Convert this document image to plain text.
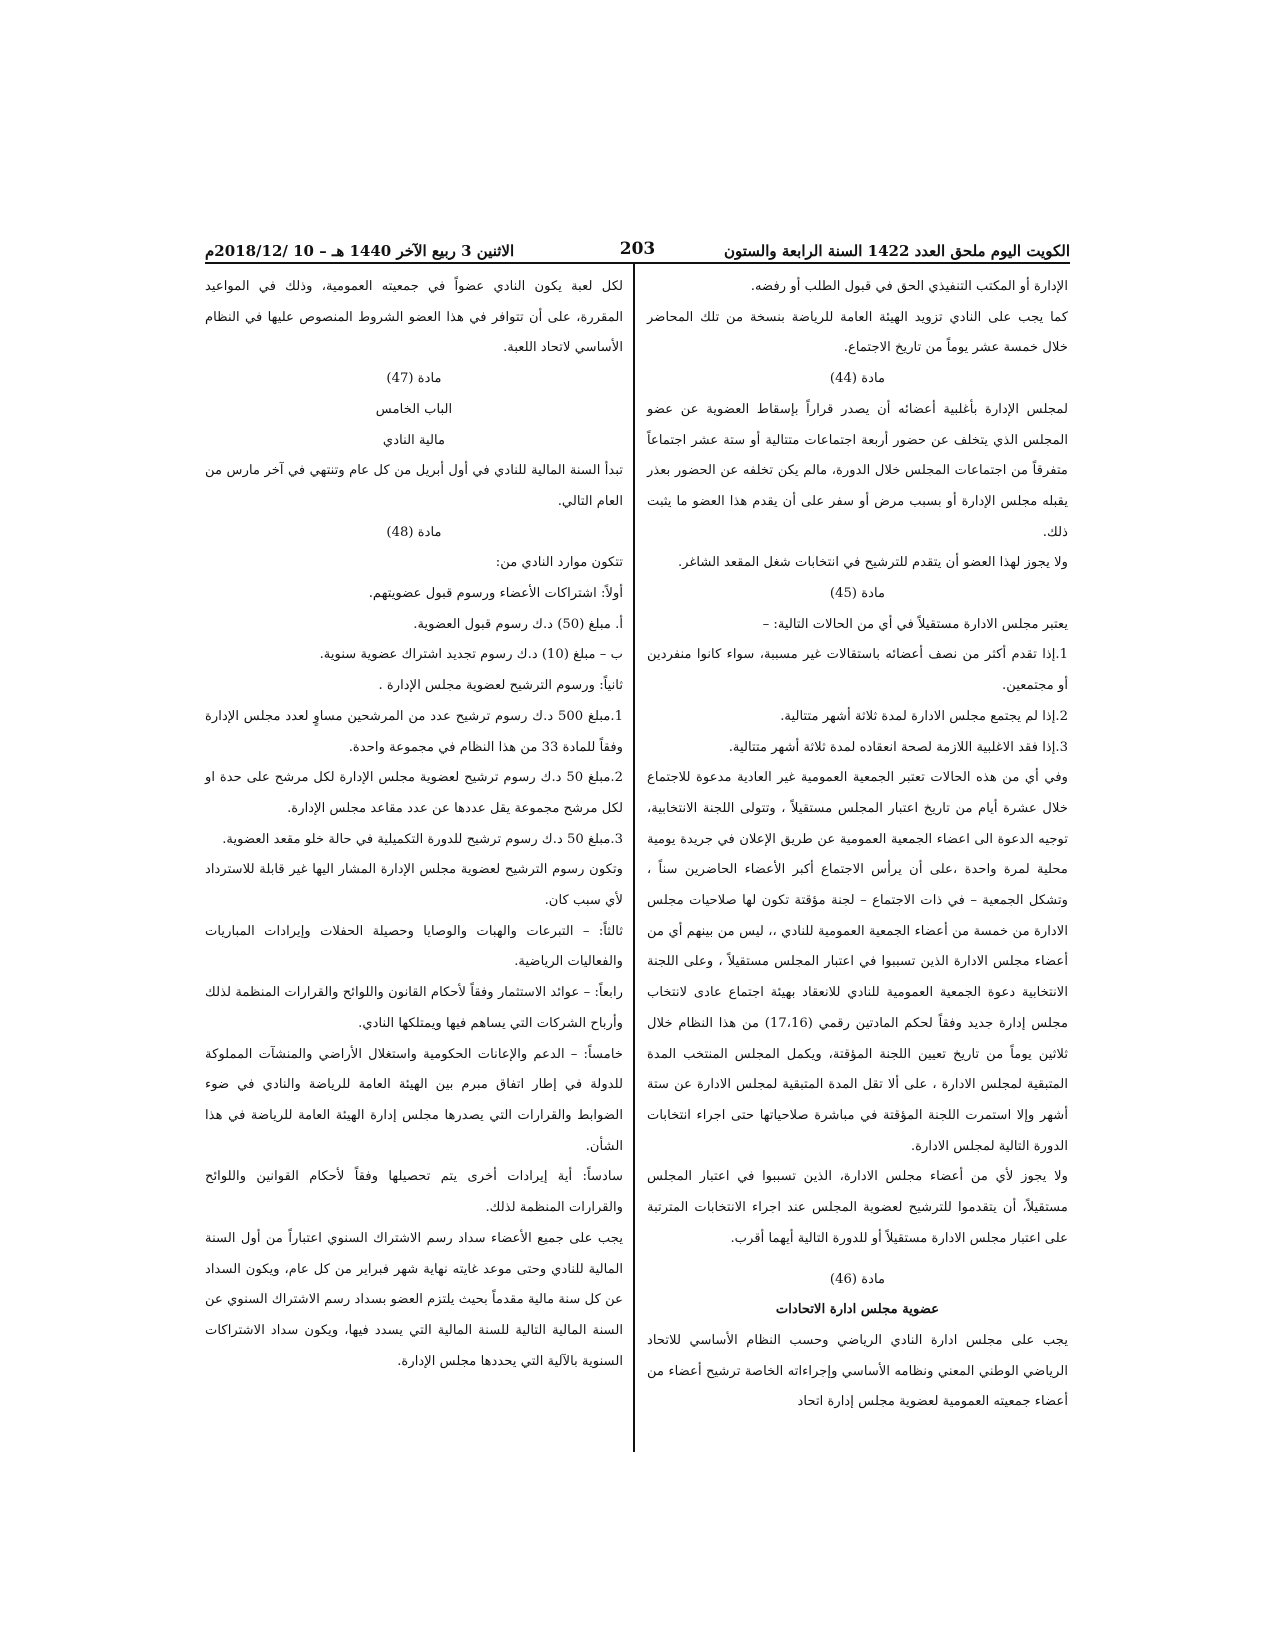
الكويت اليوم ملحق العدد 1422 السنة الرابعة والستون
203
الاثنين 3 ربيع الآخر 1440 هـ – 10 /2018/12م

الإدارة أو المكتب التنفيذي الحق في قبول الطلب أو رفضه.

كما يجب على النادي تزويد الهيئة العامة للرياضة بنسخة من تلك المحاضر خلال خمسة عشر يوماً من تاريخ الاجتماع.

مادة (44)

لمجلس الإدارة بأغلبية أعضائه أن يصدر قراراً بإسقاط العضوية عن عضو المجلس الذي يتخلف عن حضور أربعة اجتماعات متتالية أو ستة عشر اجتماعاً متفرقاً من اجتماعات المجلس خلال الدورة، مالم يكن تخلفه عن الحضور بعذر يقبله مجلس الإدارة أو بسبب مرض أو سفر على أن يقدم هذا العضو ما يثبت ذلك.

ولا يجوز لهذا العضو أن يتقدم للترشيح في انتخابات شغل المقعد الشاغر.

مادة (45)

يعتبر مجلس الادارة مستقيلاً في أي من الحالات التالية: –

1.إذا تقدم أكثر من نصف أعضائه باستقالات غير مسببة، سواء كانوا منفردين أو مجتمعين.

2.إذا لم يجتمع مجلس الادارة لمدة ثلاثة أشهر متتالية.

3.إذا فقد الاغلبية اللازمة لصحة انعقاده لمدة ثلاثة أشهر متتالية.

وفي أي من هذه الحالات تعتبر الجمعية العمومية غير العادية مدعوة للاجتماع خلال عشرة أيام من تاريخ اعتبار المجلس مستقيلاً ، وتتولى اللجنة الانتخابية، توجيه الدعوة الى اعضاء الجمعية العمومية عن طريق الإعلان في جريدة يومية محلية لمرة واحدة ،على أن يرأس الاجتماع أكبر الأعضاء الحاضرين سناً ، وتشكل الجمعية – في ذات الاجتماع – لجنة مؤقتة تكون لها صلاحيات مجلس الادارة من خمسة من أعضاء الجمعية العمومية للنادي ،، ليس من بينهم أي من أعضاء مجلس الادارة الذين تسببوا في اعتبار المجلس مستقيلاً ، وعلى اللجنة الانتخابية دعوة الجمعية العمومية للنادي للانعقاد بهيئة اجتماع عادى لانتخاب مجلس إدارة جديد وفقاً لحكم المادتين رقمي (17،16) من هذا النظام خلال ثلاثين يوماً من تاريخ تعيين اللجنة المؤقتة، ويكمل المجلس المنتخب المدة المتبقية لمجلس الادارة ، على ألا تقل المدة المتبقية لمجلس الادارة عن ستة أشهر وإلا استمرت اللجنة المؤقتة في مباشرة صلاحياتها حتى اجراء انتخابات الدورة التالية لمجلس الادارة.

ولا يجوز لأي من أعضاء مجلس الادارة، الذين تسببوا في اعتبار المجلس مستقيلاً، أن يتقدموا للترشيح لعضوية المجلس عند اجراء الانتخابات المترتبة على اعتبار مجلس الادارة مستقيلاً أو للدورة التالية أيهما أقرب.

مادة (46)

عضوية مجلس ادارة الاتحادات

يجب على مجلس ادارة النادي الرياضي وحسب النظام الأساسي للاتحاد الرياضي الوطني المعني ونظامه الأساسي وإجراءاته الخاصة ترشيح أعضاء من أعضاء جمعيته العمومية لعضوية مجلس إدارة اتحاد

لكل لعبة يكون النادي عضواً في جمعيته العمومية، وذلك في المواعيد المقررة، على أن تتوافر في هذا العضو الشروط المنصوص عليها في النظام الأساسي لاتحاد اللعبة.

مادة (47)

الباب الخامس

مالية النادي

تبدأ السنة المالية للنادي في أول أبريل من كل عام وتنتهي في آخر مارس من العام التالي.

مادة (48)

تتكون موارد النادي من:

أولاً: اشتراكات الأعضاء ورسوم قبول عضويتهم.

أ. مبلغ (50) د.ك رسوم قبول العضوية.

ب – مبلغ (10) د.ك رسوم تجديد اشتراك عضوية سنوية.

ثانياً: ورسوم الترشيح لعضوية مجلس الإدارة .

1.مبلغ 500 د.ك رسوم ترشيح عدد من المرشحين مساوٍ لعدد مجلس الإدارة وفقاً للمادة 33 من هذا النظام في مجموعة واحدة.

2.مبلغ 50 د.ك رسوم ترشيح لعضوية مجلس الإدارة لكل مرشح على حدة او لكل مرشح مجموعة يقل عددها عن عدد مقاعد مجلس الإدارة.

3.مبلغ 50 د.ك رسوم ترشيح للدورة التكميلية في حالة خلو مقعد العضوية.

وتكون رسوم الترشيح لعضوية مجلس الإدارة المشار اليها غير قابلة للاسترداد لأي سبب كان.

ثالثاً: – التبرعات والهبات والوصايا وحصيلة الحفلات وإيرادات المباريات والفعاليات الرياضية.

رابعاً: – عوائد الاستثمار وفقاً لأحكام القانون واللوائح والقرارات المنظمة لذلك وأرباح الشركات التي يساهم فيها ويمتلكها النادي.

خامساً: – الدعم والإعانات الحكومية واستغلال الأراضي والمنشآت المملوكة للدولة في إطار اتفاق مبرم بين الهيئة العامة للرياضة والنادي في ضوء الضوابط والقرارات التي يصدرها مجلس إدارة الهيئة العامة للرياضة في هذا الشأن.

سادساً: أية إيرادات أخرى يتم تحصيلها وفقاً لأحكام القوانين واللوائح والقرارات المنظمة لذلك.

يجب على جميع الأعضاء سداد رسم الاشتراك السنوي اعتباراً من أول السنة المالية للنادي وحتى موعد غايته نهاية شهر فبراير من كل عام، ويكون السداد عن كل سنة مالية مقدماً بحيث يلتزم العضو بسداد رسم الاشتراك السنوي عن السنة المالية التالية للسنة المالية التي يسدد فيها، ويكون سداد الاشتراكات السنوية بالآلية التي يحددها مجلس الإدارة.
